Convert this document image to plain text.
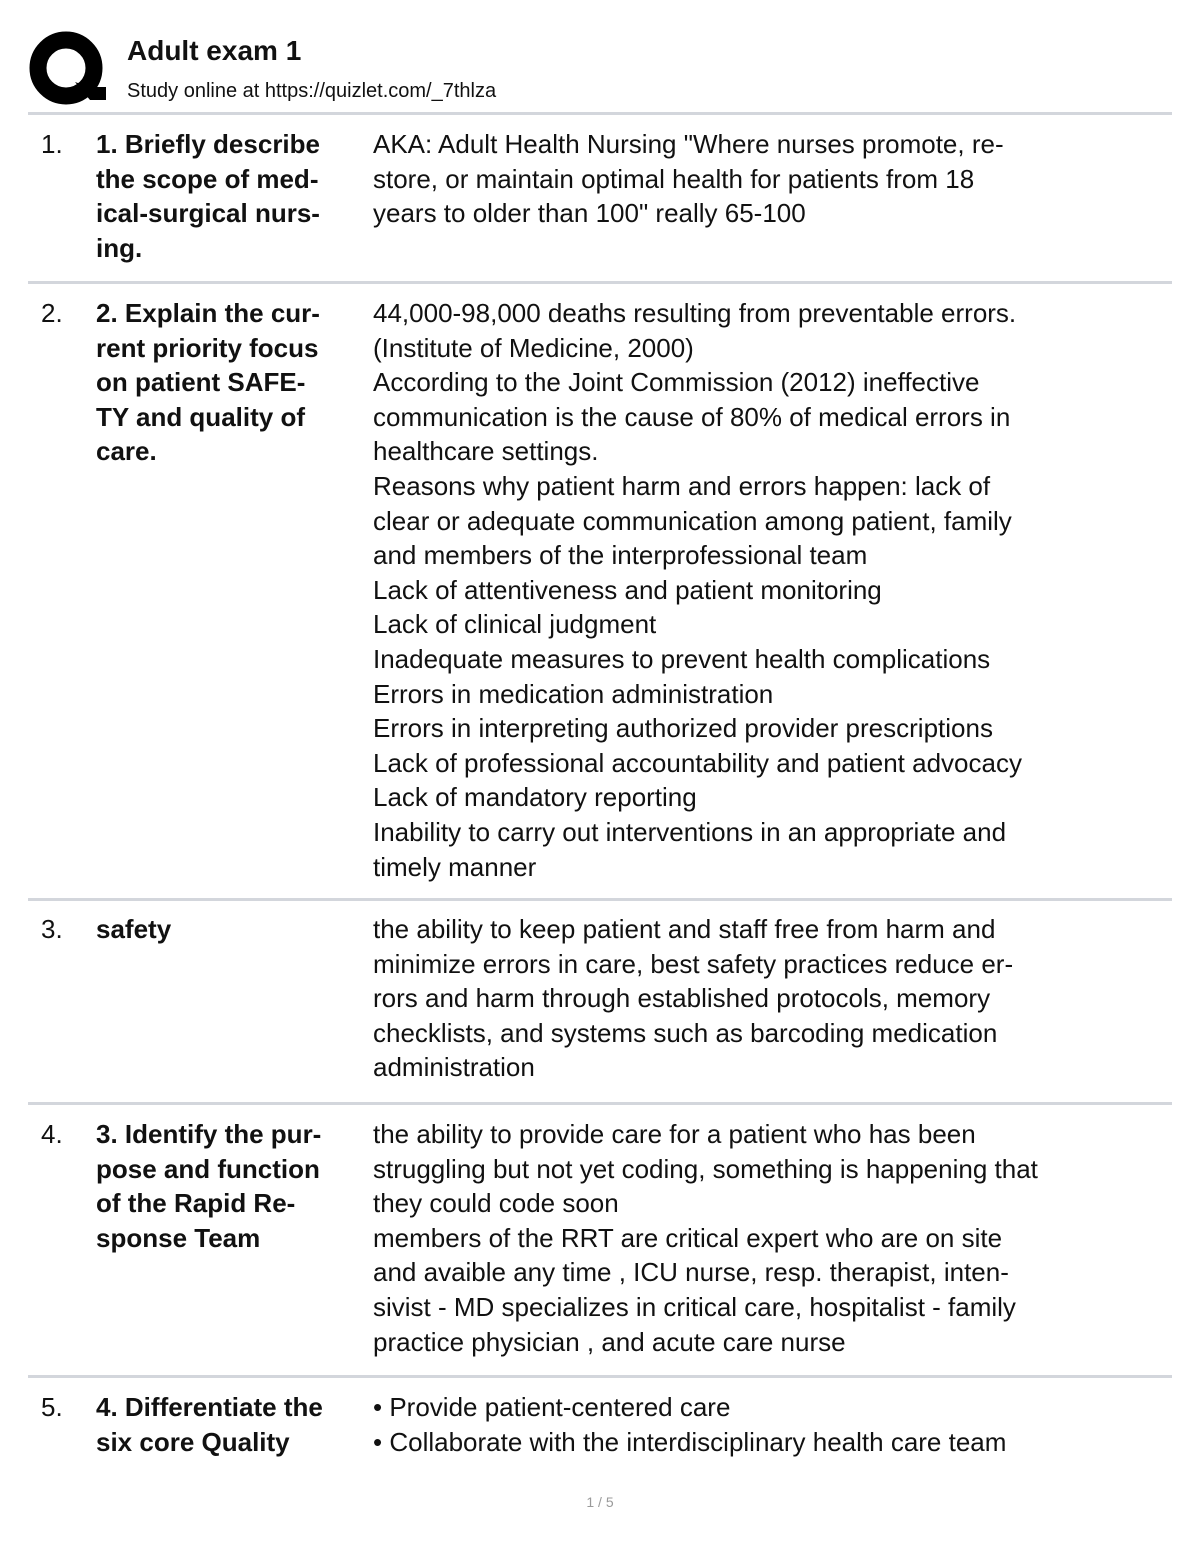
Adult exam 1
Study online at https://quizlet.com/_7thlza
1. 1. Briefly describe
the scope of med-
ical-surgical nurs-
ing.
AKA: Adult Health Nursing "Where nurses promote, re-
store, or maintain optimal health for patients from 18
years to older than 100" really 65-100
2. 2. Explain the cur-
rent priority focus
on patient SAFE-
TY and quality of
care.
44,000-98,000 deaths resulting from preventable errors.
(Institute of Medicine, 2000)
According to the Joint Commission (2012) ineffective
communication is the cause of 80% of medical errors in
healthcare settings.
Reasons why patient harm and errors happen: lack of
clear or adequate communication among patient, family
and members of the interprofessional team
Lack of attentiveness and patient monitoring
Lack of clinical judgment
Inadequate measures to prevent health complications
Errors in medication administration
Errors in interpreting authorized provider prescriptions
Lack of professional accountability and patient advocacy
Lack of mandatory reporting
Inability to carry out interventions in an appropriate and
timely manner
3. safety	the ability to keep patient and staff free from harm and
minimize errors in care, best safety practices reduce er-
rors and harm through established protocols, memory
checklists, and systems such as barcoding medication
administration
4. 3. Identify the pur-
pose and function
of the Rapid Re-
sponse Team
the ability to provide care for a patient who has been
struggling but not yet coding, something is happening that
they could code soon
members of the RRT are critical expert who are on site
and avaible any time , ICU nurse, resp. therapist, inten-
sivist - MD specializes in critical care, hospitalist - family
practice physician , and acute care nurse
5. 4. Differentiate the
six core Quality
• Provide patient-centered care
• Collaborate with the interdisciplinary health care team
1 / 5
